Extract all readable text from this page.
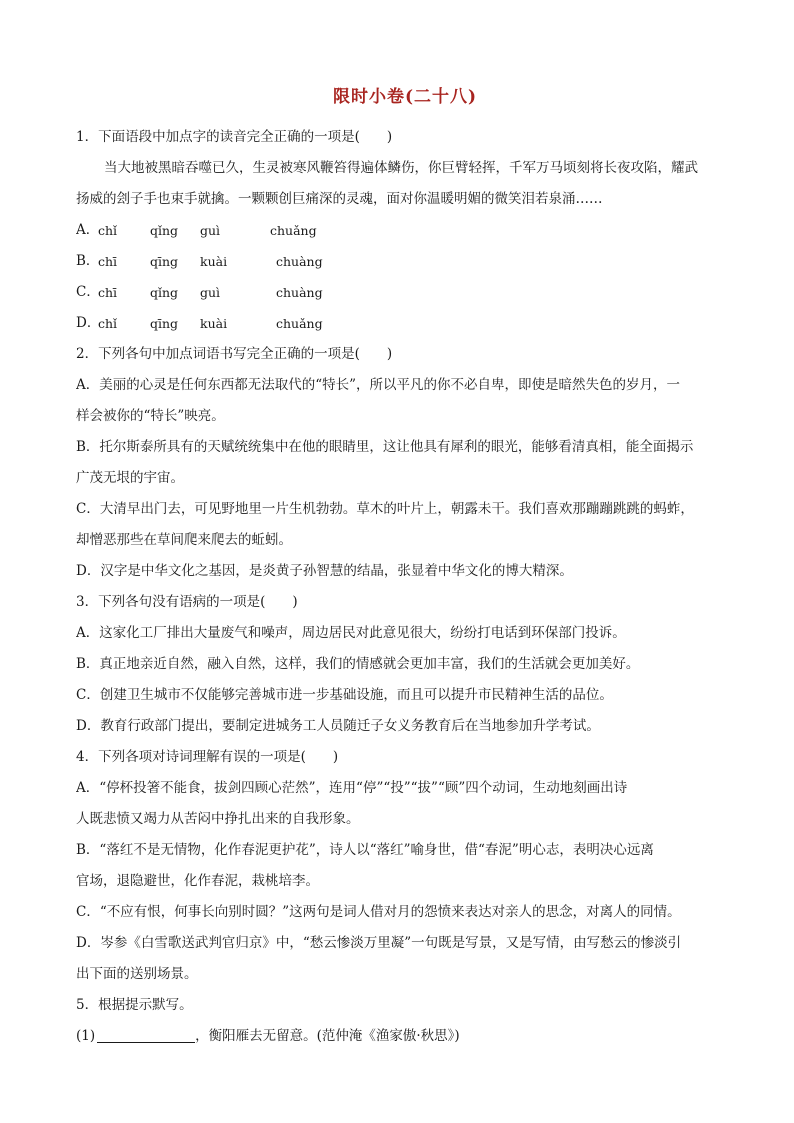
限时小卷(二十八)
1．下面语段中加点字的读音完全正确的一项是(　　)
当大地被黑暗吞噬已久，生灵被寒风鞭笞得遍体鳞伤，你巨臂轻挥，千军万马顷刻将长夜攻陷，耀武
扬威的刽子手也束手就擒。一颗颗创巨痛深的灵魂，面对你温暖明媚的微笑泪若泉涌……
A．
chǐ	qǐng	guì	chuǎng
B．
chī	qīng	kuài	chuàng
C．
chī	qǐng	guì	chuàng
D．
chǐ	qīng	kuài	chuǎng
2．下列各句中加点词语书写完全正确的一项是(　　)
A．美丽的心灵是任何东西都无法取代的“特长”，所以平凡的你不必自卑，即使是暗然失色的岁月，一
样会被你的“特长”映亮。
B．托尔斯泰所具有的天赋统统集中在他的眼睛里，这让他具有犀利的眼光，能够看清真相，能全面揭示
广茂无垠的宇宙。
C．大清早出门去，可见野地里一片生机勃勃。草木的叶片上，朝露未干。我们喜欢那蹦蹦跳跳的蚂蚱，
却憎恶那些在草间爬来爬去的蚯蚓。
D．汉字是中华文化之基因，是炎黄子孙智慧的结晶，张显着中华文化的博大精深。
3．下列各句没有语病的一项是(　　)
A．这家化工厂排出大量废气和噪声，周边居民对此意见很大，纷纷打电话到环保部门投诉。
B．真正地亲近自然，融入自然，这样，我们的情感就会更加丰富，我们的生活就会更加美好。
C．创建卫生城市不仅能够完善城市进一步基础设施，而且可以提升市民精神生活的品位。
D．教育行政部门提出，要制定进城务工人员随迁子女义务教育后在当地参加升学考试。
4．下列各项对诗词理解有误的一项是(　　)
A．“停杯投箸不能食，拔剑四顾心茫然”，连用“停”“投”“拔”“顾”四个动词，生动地刻画出诗
人既悲愤又竭力从苦闷中挣扎出来的自我形象。
B．“落红不是无情物，化作春泥更护花”，诗人以“落红”喻身世，借“春泥”明心志，表明决心远离
官场，退隐避世，化作春泥，栽桃培李。
C．“不应有恨，何事长向别时圆？”这两句是词人借对月的怨愤来表达对亲人的思念，对离人的同情。
D．岑参《白雪歌送武判官归京》中，“愁云惨淡万里凝”一句既是写景，又是写情，由写愁云的惨淡引
出下面的送别场景。
5．根据提示默写。
(1)	，衡阳雁去无留意。(范仲淹《渔家傲·秋思》)
